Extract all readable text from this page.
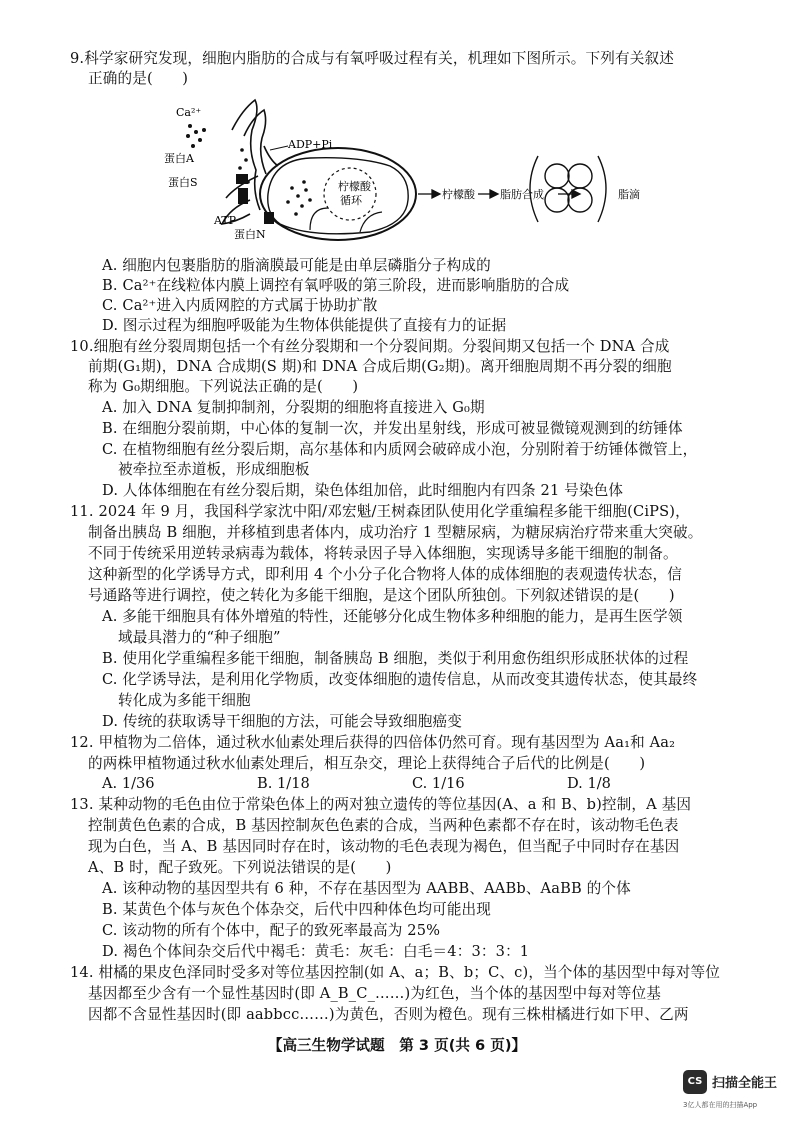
9.科学家研究发现，细胞内脂肪的合成与有氧呼吸过程有关，机理如下图所示。下列有关叙述
正确的是(　　)
Ca²⁺
ADP+Pi
蛋白A
蛋白S
ATP
蛋白N
柠檬酸
循环	柠檬酸 脂肪合成	脂滴
A. 细胞内包裹脂肪的脂滴膜最可能是由单层磷脂分子构成的
B. Ca²⁺在线粒体内膜上调控有氧呼吸的第三阶段，进而影响脂肪的合成
C. Ca²⁺进入内质网腔的方式属于协助扩散
D. 图示过程为细胞呼吸能为生物体供能提供了直接有力的证据
10.细胞有丝分裂周期包括一个有丝分裂期和一个分裂间期。分裂间期又包括一个 DNA 合成
前期(G₁期)，DNA 合成期(S 期)和 DNA 合成后期(G₂期)。离开细胞周期不再分裂的细胞
称为 G₀期细胞。下列说法正确的是(　　)
A. 加入 DNA 复制抑制剂，分裂期的细胞将直接进入 G₀期
B. 在细胞分裂前期，中心体的复制一次，并发出星射线，形成可被显微镜观测到的纺锤体
C. 在植物细胞有丝分裂后期，高尔基体和内质网会破碎成小泡，分别附着于纺锤体微管上，
被牵拉至赤道板，形成细胞板
D. 人体体细胞在有丝分裂后期，染色体组加倍，此时细胞内有四条 21 号染色体
11. 2024 年 9 月，我国科学家沈中阳/邓宏魁/王树森团队使用化学重编程多能干细胞(CiPS)，
制备出胰岛 B 细胞，并移植到患者体内，成功治疗 1 型糖尿病，为糖尿病治疗带来重大突破。
不同于传统采用逆转录病毒为载体，将转录因子导入体细胞，实现诱导多能干细胞的制备。
这种新型的化学诱导方式，即利用 4 个小分子化合物将人体的成体细胞的表观遗传状态，信
号通路等进行调控，使之转化为多能干细胞，是这个团队所独创。下列叙述错误的是(　　)
A. 多能干细胞具有体外增殖的特性，还能够分化成生物体多种细胞的能力，是再生医学领
域最具潜力的“种子细胞”
B. 使用化学重编程多能干细胞，制备胰岛 B 细胞，类似于利用愈伤组织形成胚状体的过程
C. 化学诱导法，是利用化学物质，改变体细胞的遗传信息，从而改变其遗传状态，使其最终
转化成为多能干细胞
D. 传统的获取诱导干细胞的方法，可能会导致细胞癌变
12. 甲植物为二倍体，通过秋水仙素处理后获得的四倍体仍然可育。现有基因型为 Aa₁和 Aa₂
的两株甲植物通过秋水仙素处理后，相互杂交，理论上获得纯合子后代的比例是(　　)
A. 1/36	B. 1/18	C. 1/16	D. 1/8
13. 某种动物的毛色由位于常染色体上的两对独立遗传的等位基因(A、a 和 B、b)控制，A 基因
控制黄色色素的合成，B 基因控制灰色色素的合成，当两种色素都不存在时，该动物毛色表
现为白色，当 A、B 基因同时存在时，该动物的毛色表现为褐色，但当配子中同时存在基因
A、B 时，配子致死。下列说法错误的是(　　)
A. 该种动物的基因型共有 6 种，不存在基因型为 AABB、AABb、AaBB 的个体
B. 某黄色个体与灰色个体杂交，后代中四种体色均可能出现
C. 该动物的所有个体中，配子的致死率最高为 25%
D. 褐色个体间杂交后代中褐毛：黄毛：灰毛：白毛＝4：3：3：1
14. 柑橘的果皮色泽同时受多对等位基因控制(如 A、a；B、b；C、c)，当个体的基因型中每对等位
基因都至少含有一个显性基因时(即 A_B_C_……)为红色，当个体的基因型中每对等位基
因都不含显性基因时(即 aabbcc……)为黄色，否则为橙色。现有三株柑橘进行如下甲、乙两
【高三生物学试题　第 3 页(共 6 页)】
CS 扫描全能王
3亿人都在用的扫描App
